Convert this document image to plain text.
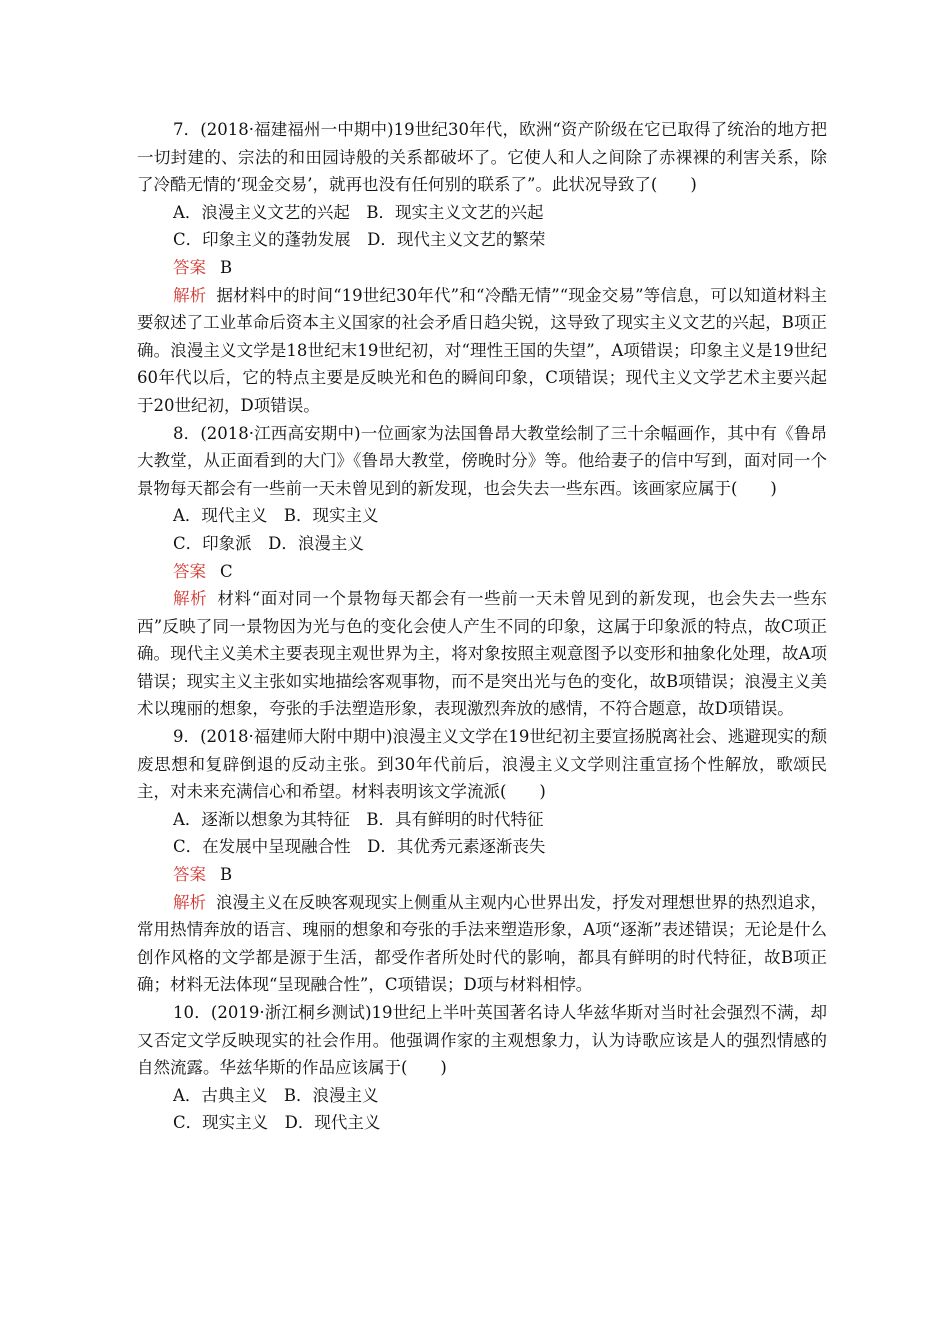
7．(2018·福建福州一中期中)19世纪30年代，欧洲“资产阶级在它已取得了统治的地方把一切封建的、宗法的和田园诗般的关系都破坏了。它使人和人之间除了赤裸裸的利害关系，除了冷酷无情的‘现金交易’，就再也没有任何别的联系了”。此状况导致了(　　)

A．浪漫主义文艺的兴起　B．现实主义文艺的兴起

C．印象主义的蓬勃发展　D．现代主义文艺的繁荣

答案 B

解析 据材料中的时间“19世纪30年代”和“冷酷无情”“现金交易”等信息，可以知道材料主要叙述了工业革命后资本主义国家的社会矛盾日趋尖锐，这导致了现实主义文艺的兴起，B项正确。浪漫主义文学是18世纪末19世纪初，对“理性王国的失望”，A项错误；印象主义是19世纪60年代以后，它的特点主要是反映光和色的瞬间印象，C项错误；现代主义文学艺术主要兴起于20世纪初，D项错误。

8．(2018·江西高安期中)一位画家为法国鲁昂大教堂绘制了三十余幅画作，其中有《鲁昂大教堂，从正面看到的大门》《鲁昂大教堂，傍晚时分》等。他给妻子的信中写到，面对同一个景物每天都会有一些前一天未曾见到的新发现，也会失去一些东西。该画家应属于(　　)

A．现代主义　B．现实主义

C．印象派　D．浪漫主义

答案 C

解析 材料“面对同一个景物每天都会有一些前一天未曾见到的新发现，也会失去一些东西”反映了同一景物因为光与色的变化会使人产生不同的印象，这属于印象派的特点，故C项正确。现代主义美术主要表现主观世界为主，将对象按照主观意图予以变形和抽象化处理，故A项错误；现实主义主张如实地描绘客观事物，而不是突出光与色的变化，故B项错误；浪漫主义美术以瑰丽的想象，夸张的手法塑造形象，表现激烈奔放的感情，不符合题意，故D项错误。

9．(2018·福建师大附中期中)浪漫主义文学在19世纪初主要宣扬脱离社会、逃避现实的颓废思想和复辟倒退的反动主张。到30年代前后，浪漫主义文学则注重宣扬个性解放，歌颂民主，对未来充满信心和希望。材料表明该文学流派(　　)

A．逐渐以想象为其特征　B．具有鲜明的时代特征

C．在发展中呈现融合性　D．其优秀元素逐渐丧失

答案 B

解析 浪漫主义在反映客观现实上侧重从主观内心世界出发，抒发对理想世界的热烈追求，常用热情奔放的语言、瑰丽的想象和夸张的手法来塑造形象，A项“逐渐”表述错误；无论是什么创作风格的文学都是源于生活，都受作者所处时代的影响，都具有鲜明的时代特征，故B项正确；材料无法体现“呈现融合性”，C项错误；D项与材料相悖。

10．(2019·浙江桐乡测试)19世纪上半叶英国著名诗人华兹华斯对当时社会强烈不满，却又否定文学反映现实的社会作用。他强调作家的主观想象力，认为诗歌应该是人的强烈情感的自然流露。华兹华斯的作品应该属于(　　)

A．古典主义　B．浪漫主义

C．现实主义　D．现代主义
